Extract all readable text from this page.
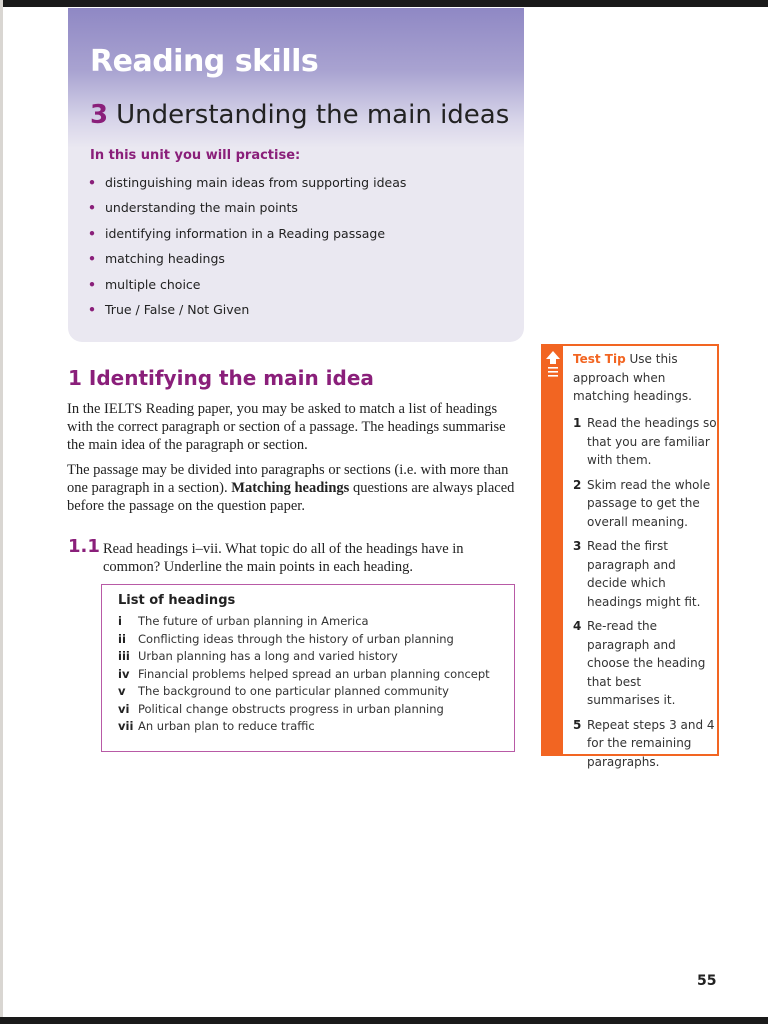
Reading skills
3 Understanding the main ideas
In this unit you will practise:
• distinguishing main ideas from supporting ideas
• understanding the main points
• identifying information in a Reading passage
• matching headings
• multiple choice
• True / False / Not Given
1 Identifying the main idea
In the IELTS Reading paper, you may be asked to match a list of headings with the correct paragraph or section of a passage. The headings summarise the main idea of the paragraph or section.
The passage may be divided into paragraphs or sections (i.e. with more than one paragraph in a section). Matching headings questions are always placed before the passage on the question paper.
1.1 Read headings i–vii. What topic do all of the headings have in common? Underline the main points in each heading.
List of headings
i The future of urban planning in America
ii Conflicting ideas through the history of urban planning
iii Urban planning has a long and varied history
iv Financial problems helped spread an urban planning concept
v The background to one particular planned community
vi Political change obstructs progress in urban planning
vii An urban plan to reduce traffic
Test Tip Use this approach when matching headings.
1 Read the headings so that you are familiar with them.
2 Skim read the whole passage to get the overall meaning.
3 Read the first paragraph and decide which headings might fit.
4 Re-read the paragraph and choose the heading that best summarises it.
5 Repeat steps 3 and 4 for the remaining paragraphs.
55
